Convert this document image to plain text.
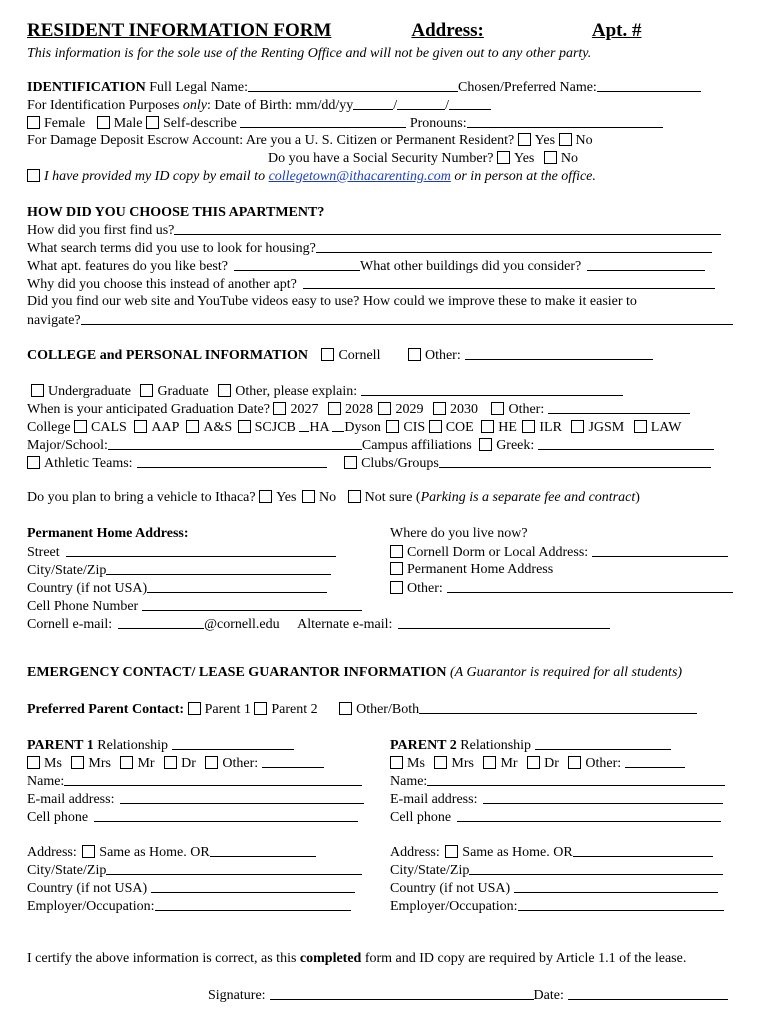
RESIDENT INFORMATION FORM	Address:	Apt. #
This information is for the sole use of the Renting Office and will not be given out to any other party.
IDENTIFICATION Full Legal Name:	Chosen/Preferred Name:
For Identification Purposes only: Date of Birth: mm/dd/yy	/	/
Female Male Self-describe	Pronouns:
For Damage Deposit Escrow Account: Are you a U. S. Citizen or Permanent Resident? Yes No
Do you have a Social Security Number? Yes No
I have provided my ID copy by email to collegetown@ithacarenting.com or in person at the office.
HOW DID YOU CHOOSE THIS APARTMENT?
How did you first find us?
What search terms did you use to look for housing?
What apt. features do you like best?	What other buildings did you consider?
Why did you choose this instead of another apt?
Did you find our web site and YouTube videos easy to use? How could we improve these to make it easier to
navigate?
COLLEGE and PERSONAL INFORMATION Cornell	Other:
Undergraduate Graduate Other, please explain:
When is your anticipated Graduation Date? 2027 2028 2029 2030 Other:
College CALS AAP A&S SCJCB HA Dyson CIS COE HE ILR JGSM LAW
Major/School:	Campus affiliations Greek:
Athletic Teams:	Clubs/Groups
Do you plan to bring a vehicle to Ithaca? Yes No Not sure (Parking is a separate fee and contract)
Permanent Home Address:
Street
City/State/Zip
Country (if not USA)
Cell Phone Number
Cornell e-mail:	@cornell.edu Alternate e-mail:
Where do you live now?
Cornell Dorm or Local Address:
Permanent Home Address
Other:
EMERGENCY CONTACT/ LEASE GUARANTOR INFORMATION (A Guarantor is required for all students)
Preferred Parent Contact: Parent 1 Parent 2	Other/Both
PARENT 1 Relationship
Ms Mrs Mr Dr Other:
Name:
E-mail address:
Cell phone
Address: Same as Home. OR
City/State/Zip
Country (if not USA)
Employer/Occupation:
PARENT 2 Relationship
Ms Mrs Mr Dr Other:
Name:
E-mail address:
Cell phone
Address: Same as Home. OR
City/State/Zip
Country (if not USA)
Employer/Occupation:
I certify the above information is correct, as this completed form and ID copy are required by Article 1.1 of the lease.
Signature:	Date:
